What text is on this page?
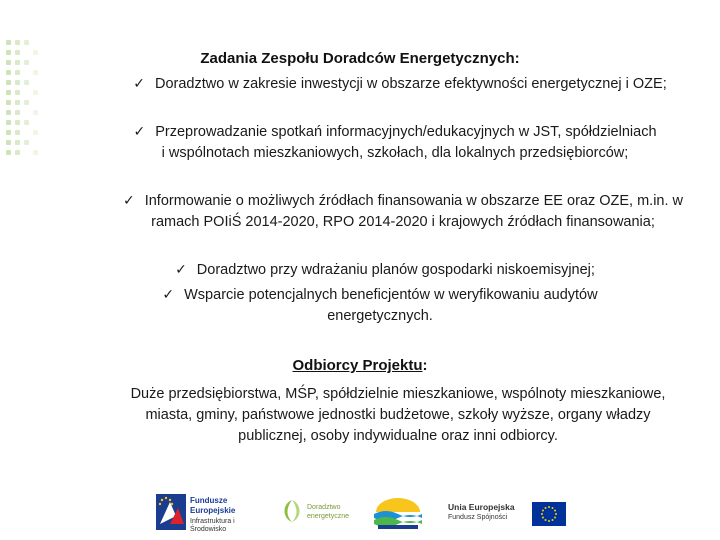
Zadania Zespołu Doradców Energetycznych:
✓ Doradztwo w zakresie inwestycji w obszarze efektywności energetycznej i OZE;
✓ Przeprowadzanie spotkań informacyjnych/edukacyjnych w JST, spółdzielniach i wspólnotach mieszkaniowych, szkołach, dla lokalnych przedsiębiorców;
✓ Informowanie o możliwych źródłach finansowania w obszarze EE oraz OZE, m.in. w ramach POIiŚ 2014-2020, RPO 2014-2020 i krajowych źródłach finansowania;
✓ Doradztwo przy wdrażaniu planów gospodarki niskoemisyjnej;
✓ Wsparcie potencjalnych beneficjentów w weryfikowaniu audytów energetycznych.
Odbiorcy Projektu:
Duże przedsiębiorstwa, MŚP, spółdzielnie mieszkaniowe, wspólnoty mieszkaniowe, miasta, gminy, państwowe jednostki budżetowe, szkoły wyższe, organy władzy publicznej, osoby indywidualne oraz inni odbiorcy.
Fundusze
Europejskie
Infrastruktura i Środowisko
Doradztwo
energetyczne
Unia Europejska
Fundusz Spójności
